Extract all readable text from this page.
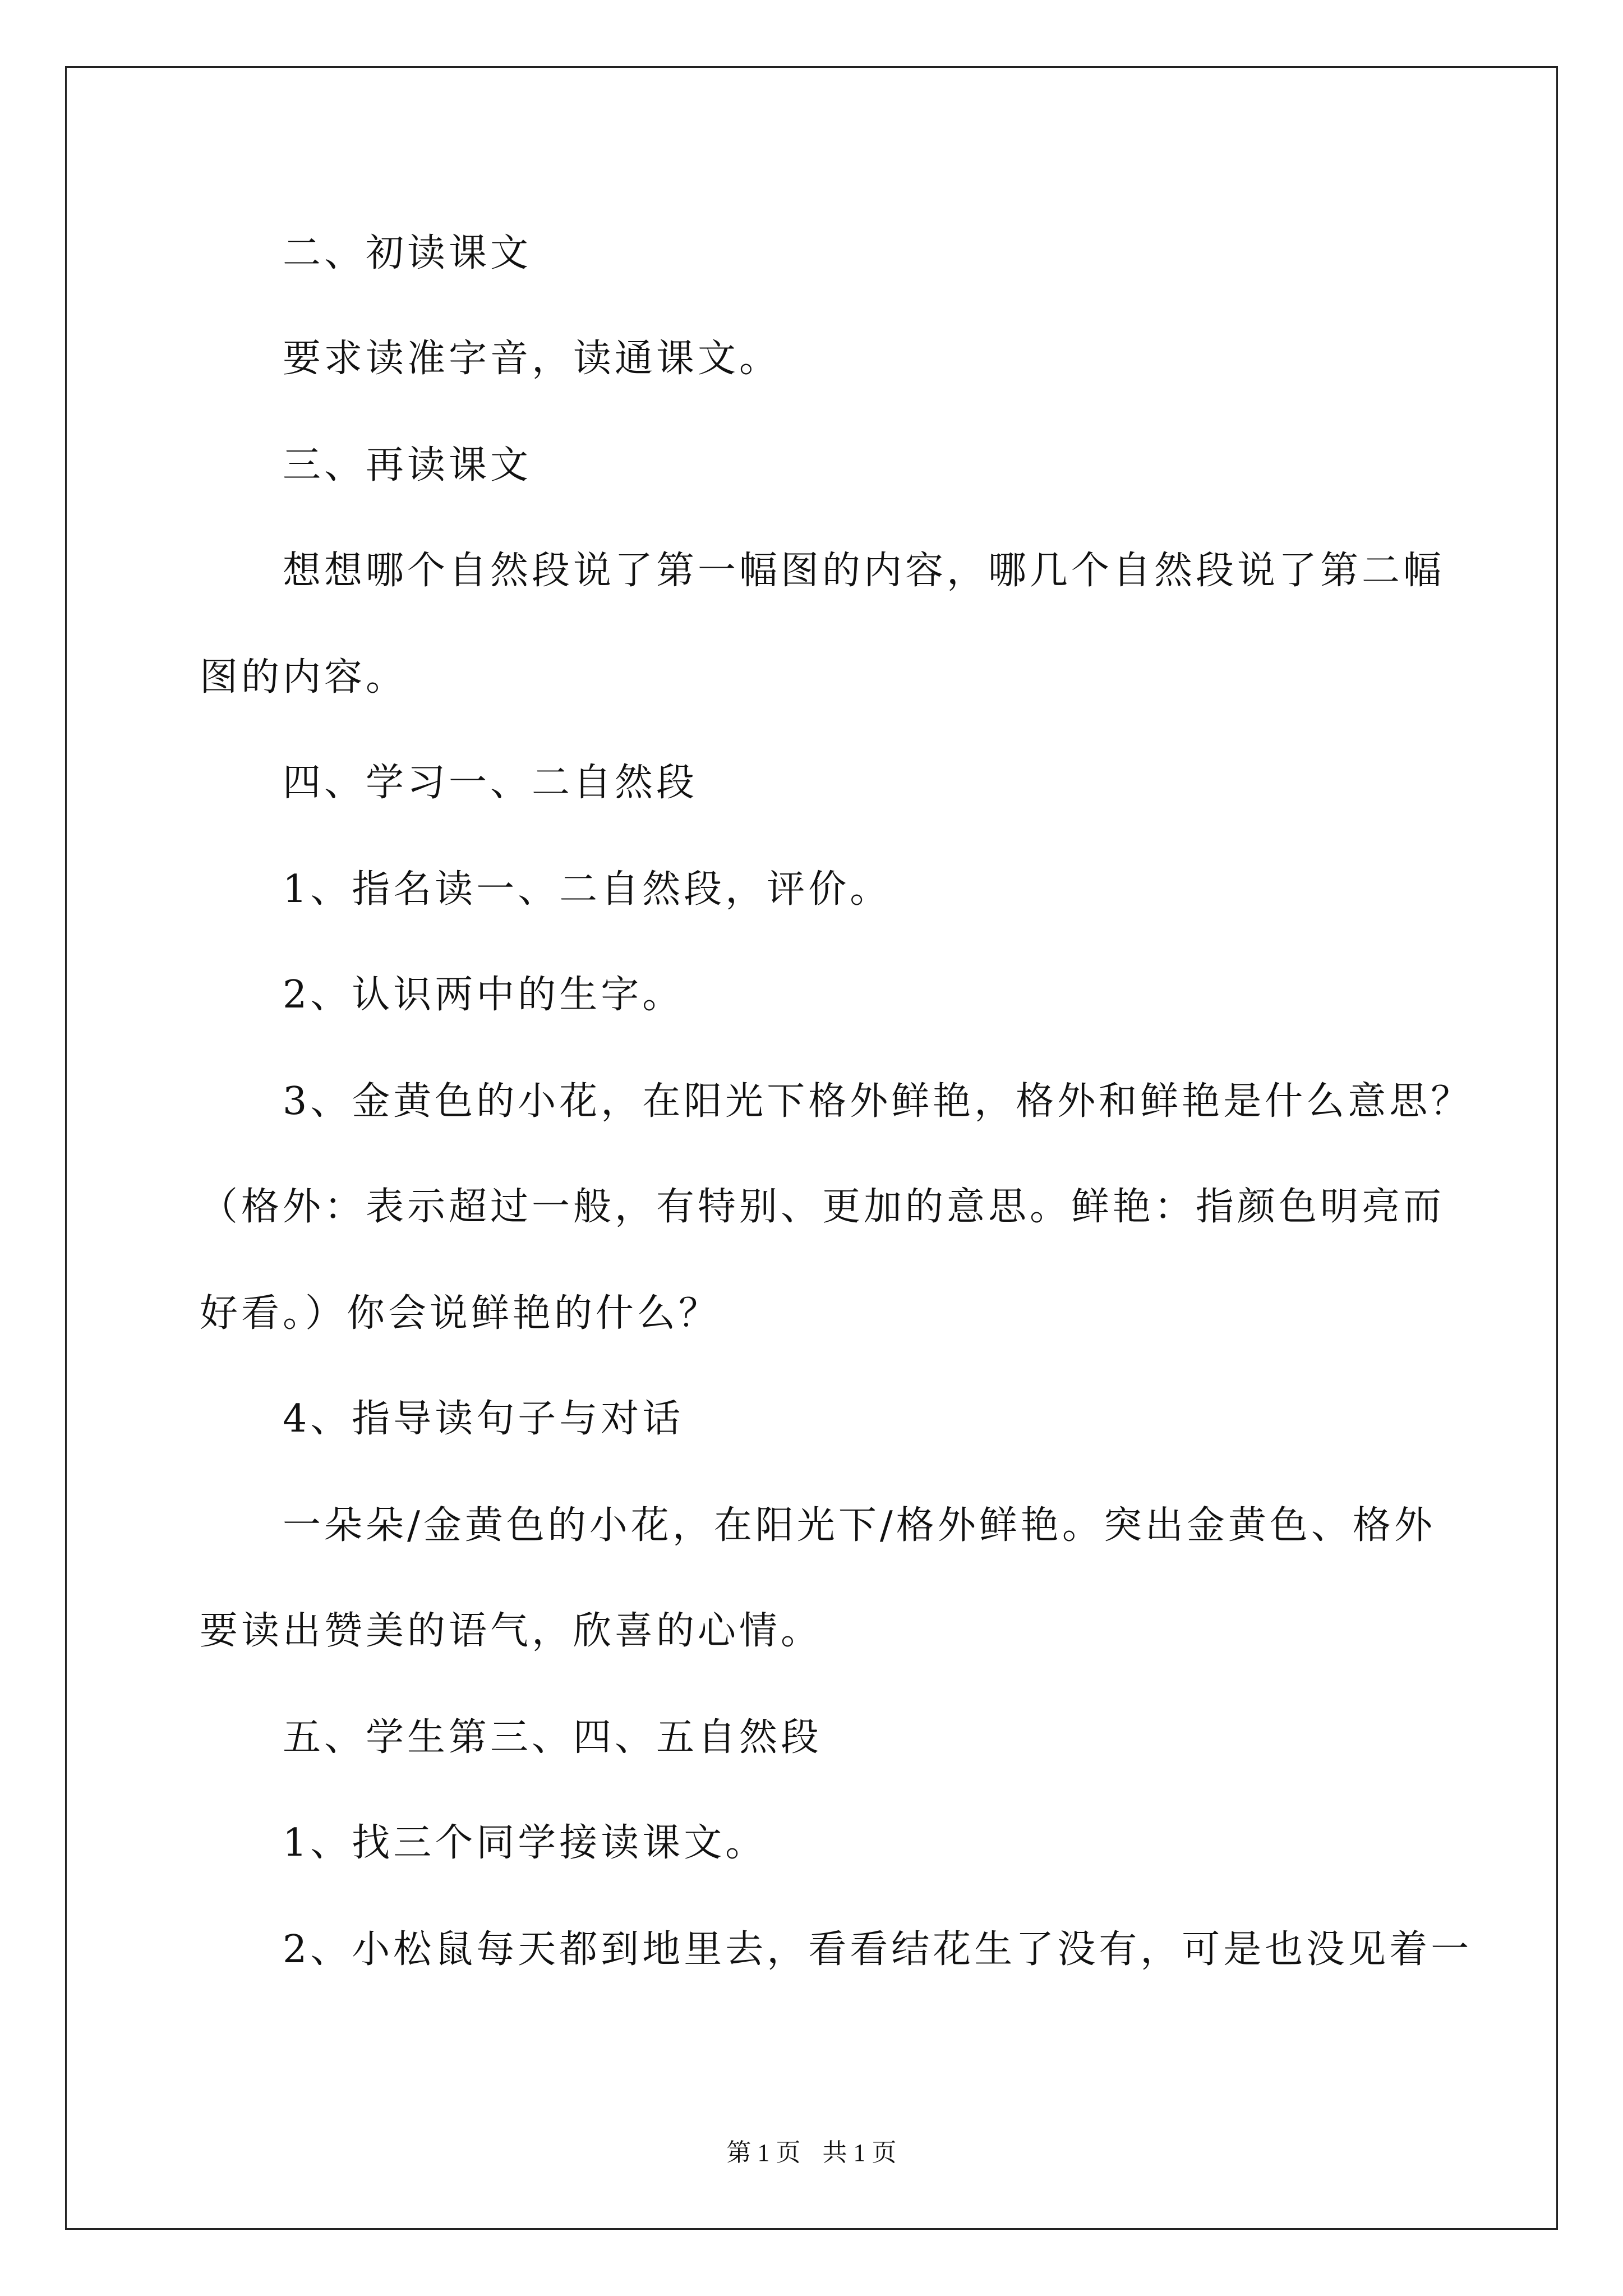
二、初读课文
要求读准字音，读通课文。
三、再读课文
想想哪个自然段说了第一幅图的内容，哪几个自然段说了第二幅
图的内容。
四、学习一、二自然段
1、指名读一、二自然段，评价。
2、认识两中的生字。
3、金黄色的小花，在阳光下格外鲜艳，格外和鲜艳是什么意思？
（格外：表示超过一般，有特别、更加的意思。鲜艳：指颜色明亮而
好看。）你会说鲜艳的什么？
4、指导读句子与对话
一朵朵/金黄色的小花，在阳光下/格外鲜艳。突出金黄色、格外
要读出赞美的语气，欣喜的心情。
五、学生第三、四、五自然段
1、找三个同学接读课文。
2、小松鼠每天都到地里去，看看结花生了没有，可是也没见着一
第 1 页 共 1 页
